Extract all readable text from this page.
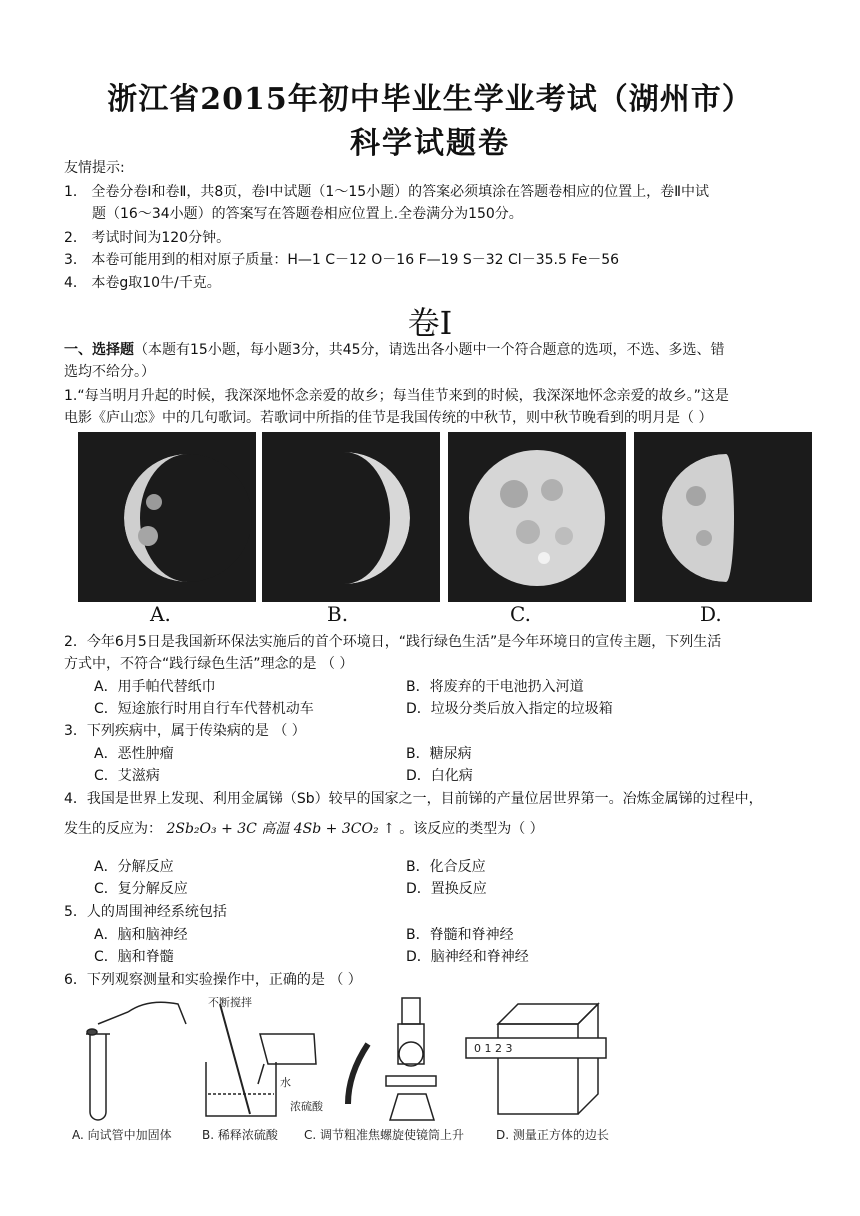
浙江省2015年初中毕业生学业考试（湖州市）
科学试题卷
友情提示:
1． 全卷分卷Ⅰ和卷Ⅱ，共8页，卷Ⅰ中试题（1～15小题）的答案必须填涂在答题卷相应的位置上，卷Ⅱ中试
题（16～34小题）的答案写在答题卷相应位置上.全卷满分为150分。
2． 考试时间为120分钟。
3． 本卷可能用到的相对原子质量：H—1 C－12 O－16 F—19 S－32 Cl－35.5 Fe－56
4． 本卷g取10牛/千克。
卷Ⅰ
一、选择题（本题有15小题，每小题3分，共45分，请选出各小题中一个符合题意的选项，不选、多选、错
选均不给分。）
1.“每当明月升起的时候，我深深地怀念亲爱的故乡；每当佳节来到的时候，我深深地怀念亲爱的故乡。”这是
电影《庐山恋》中的几句歌词。若歌词中所指的佳节是我国传统的中秋节，则中秋节晚看到的明月是（ ）
A.	B.	C.	D.
2．今年6月5日是我国新环保法实施后的首个环境日，“践行绿色生活”是今年环境日的宣传主题，下列生活
方式中，不符合“践行绿色生活”理念的是 （ ）
A．用手帕代替纸巾	B．将废弃的干电池扔入河道
C．短途旅行时用自行车代替机动车	D．垃圾分类后放入指定的垃圾箱
3．下列疾病中，属于传染病的是 （ ）
A．恶性肿瘤	B．糖尿病
C．艾滋病	D．白化病
4．我国是世界上发现、利用金属锑（Sb）较早的国家之一，目前锑的产量位居世界第一。冶炼金属锑的过程中，
发生的反应为： 2Sb₂O₃ + 3C 高温 4Sb + 3CO₂ ↑ 。该反应的类型为（ ）
A．分解反应	B．化合反应
C．复分解反应	D．置换反应
5．人的周围神经系统包括
A．脑和脑神经	B．脊髓和脊神经
C．脑和脊髓	D．脑神经和脊神经
6．下列观察测量和实验操作中，正确的是 （ ）
不断搅拌
水
浓硫酸
0 1 2 3
A. 向试管中加固体	B. 稀释浓硫酸 C. 调节粗准焦螺旋使镜筒上升	D. 测量正方体的边长
